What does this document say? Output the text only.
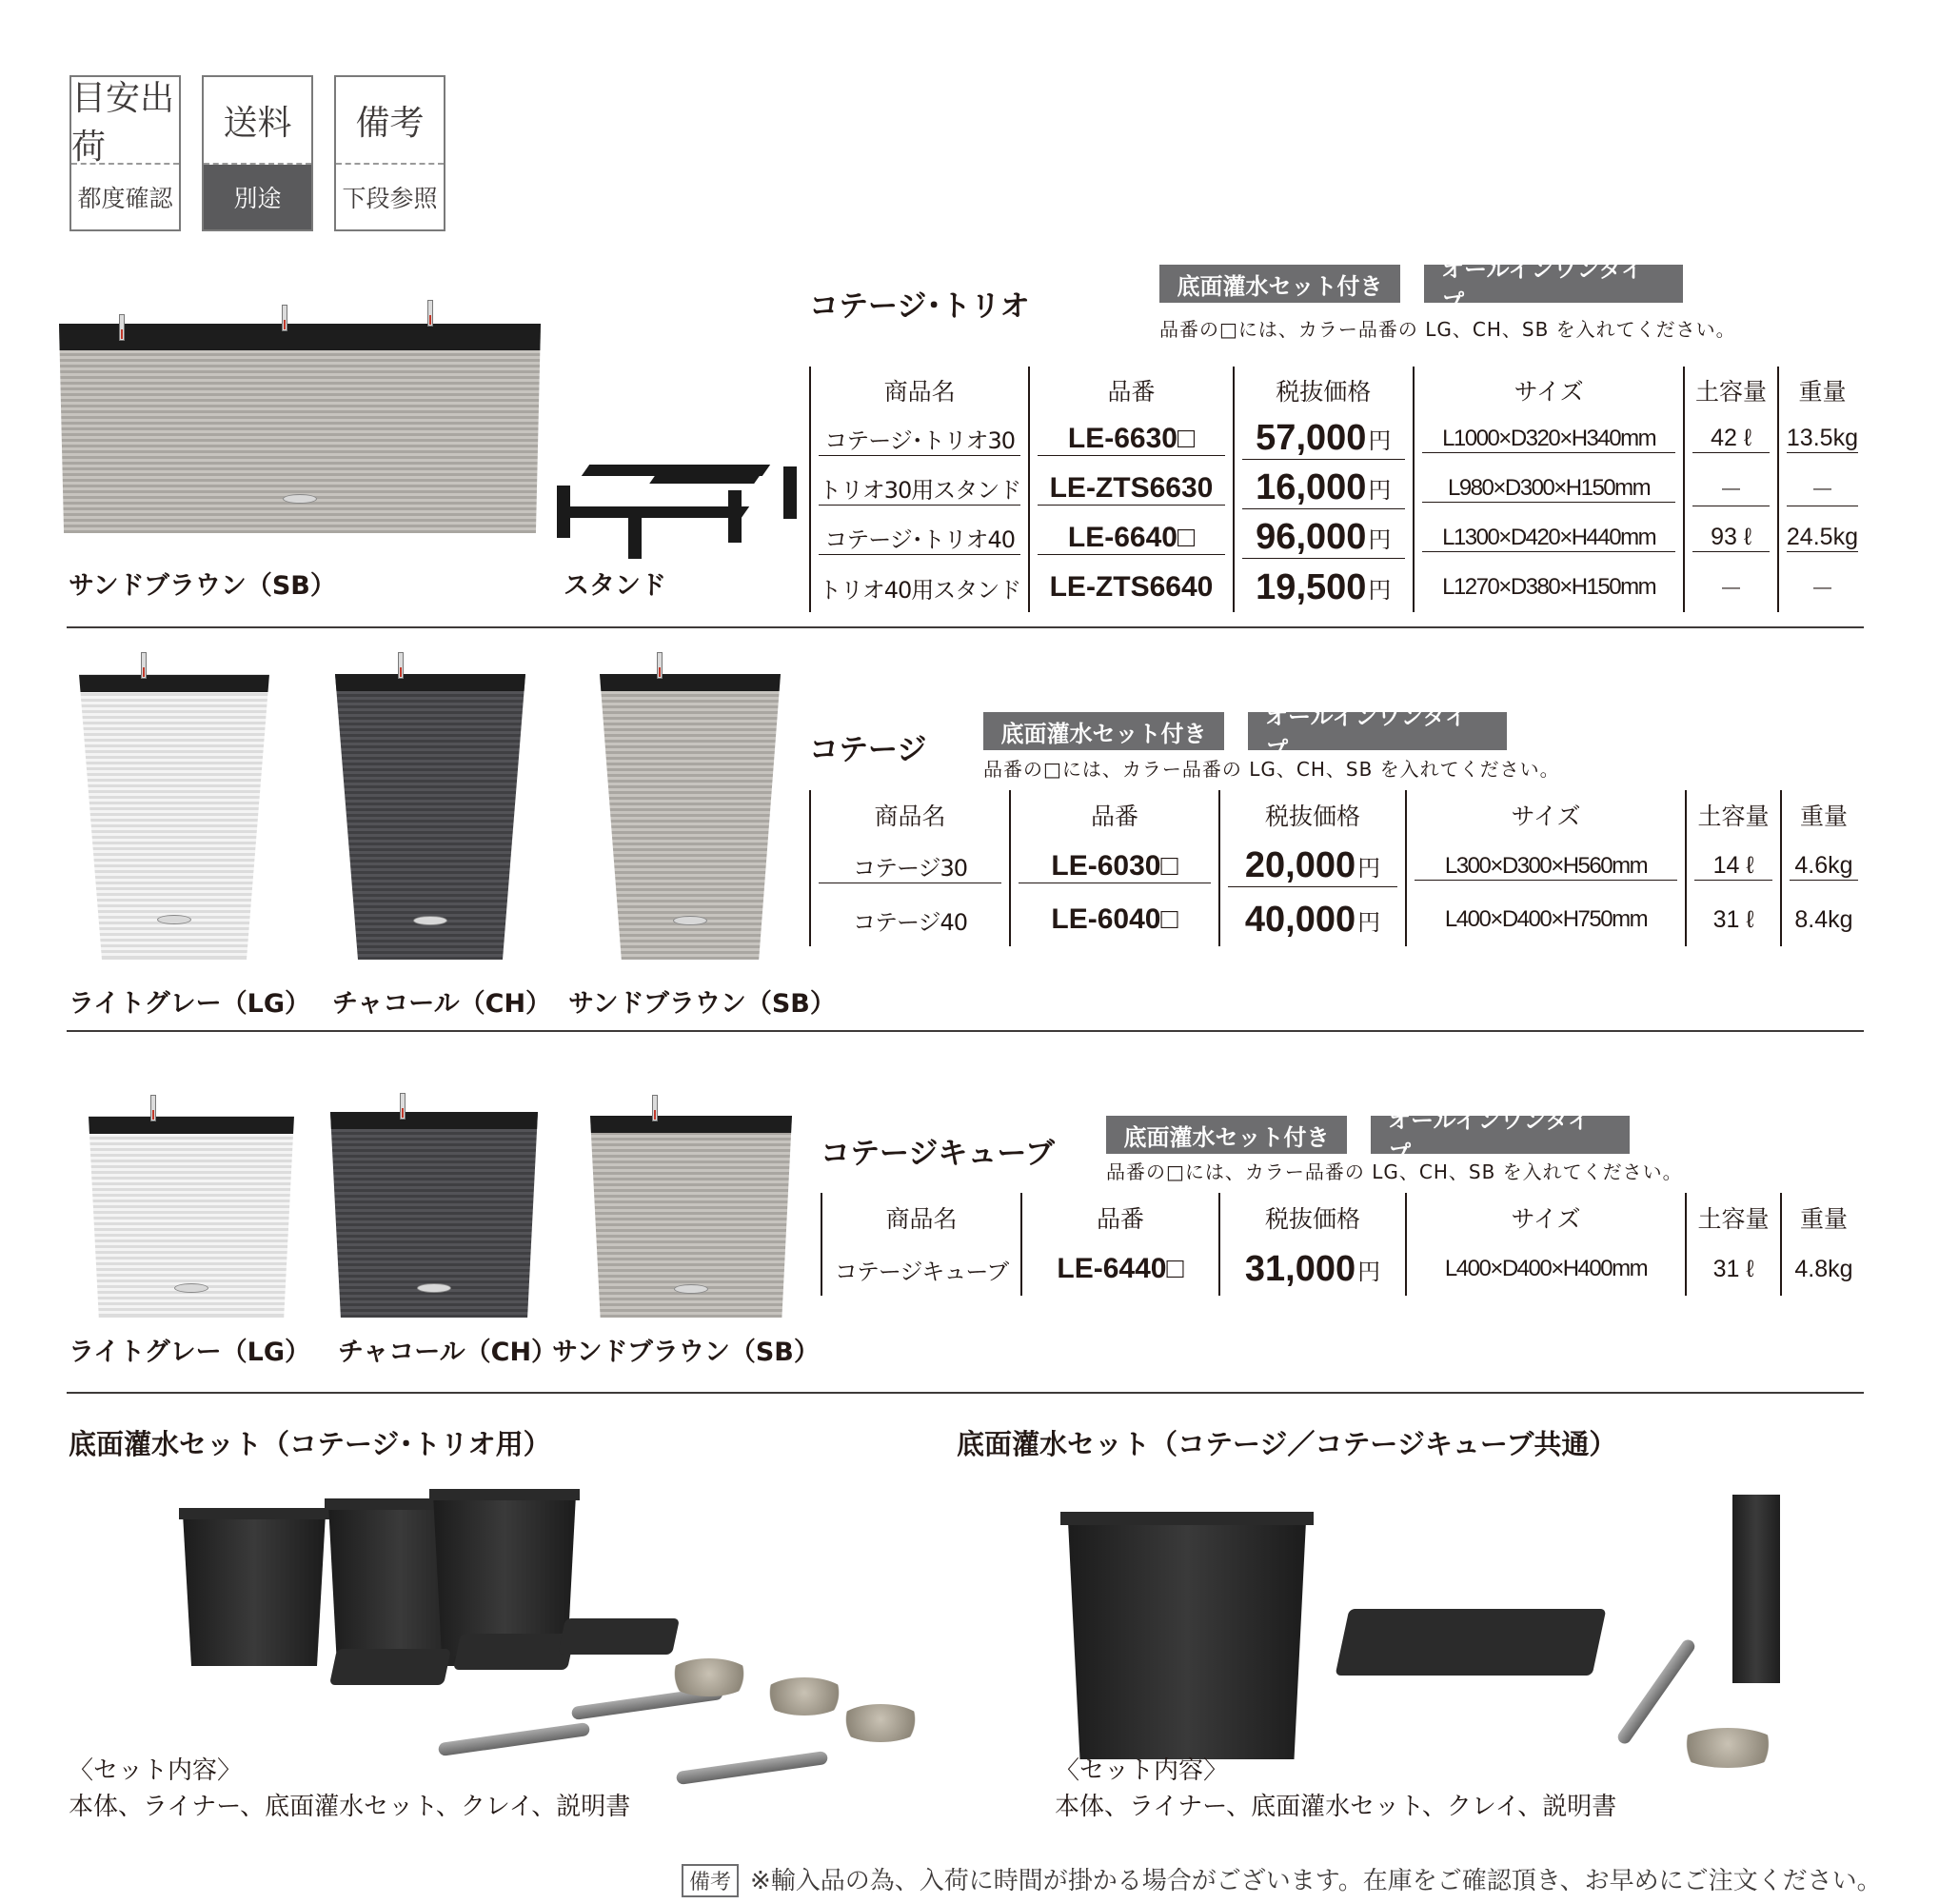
目安出荷
都度確認
送料
別途
備考
下段参照
サンドブラウン（SB）	スタンド
コテージ･トリオ
底面灌水セット付き
オールインワンタイプ
品番の□には、カラー品番の LG、CH、SB を入れてください。
商品名	品番	税抜価格	サイズ	土容量	重量

コテージ･トリオ30	LE-6630□	57,000 円	L1000×D320×H340mm	42 ℓ	13.5kg

トリオ30用スタンド	LE-ZTS6630	16,000 円	L980×D300×H150mm	－	－

コテージ･トリオ40	LE-6640□	96,000 円	L1300×D420×H440mm	93 ℓ	24.5kg

トリオ40用スタンド	LE-ZTS6640	19,500 円	L1270×D380×H150mm	－	－
ライトグレー（LG） チャコール（CH） サンドブラウン（SB）
コテージ	底面灌水セット付き
オールインワンタイプ
品番の□には、カラー品番の LG、CH、SB を入れてください。
商品名	品番	税抜価格	サイズ	土容量	重量

コテージ30	LE-6030□	20,000 円	L300×D300×H560mm	14 ℓ	4.6kg

コテージ40	LE-6040□	40,000 円	L400×D400×H750mm	31 ℓ	8.4kg
ライトグレー（LG） チャコール（CH）
サンドブラウン（SB）
コテージキューブ	底面灌水セット付き
オールインワンタイプ
品番の□には、カラー品番の LG、CH、SB を入れてください。
商品名	品番	税抜価格	サイズ	土容量	重量

コテージキューブ	LE-6440□	31,000 円	L400×D400×H400mm	31 ℓ	4.8kg
底面灌水セット（コテージ･トリオ用）	底面灌水セット（コテージ／コテージキューブ共通）
〈セット内容〉
本体、ライナー、底面灌水セット、クレイ、説明書
〈セット内容〉
本体、ライナー、底面灌水セット、クレイ、説明書
備考 ※輸入品の為、入荷に時間が掛かる場合がございます。在庫をご確認頂き、お早めにご注文ください。
